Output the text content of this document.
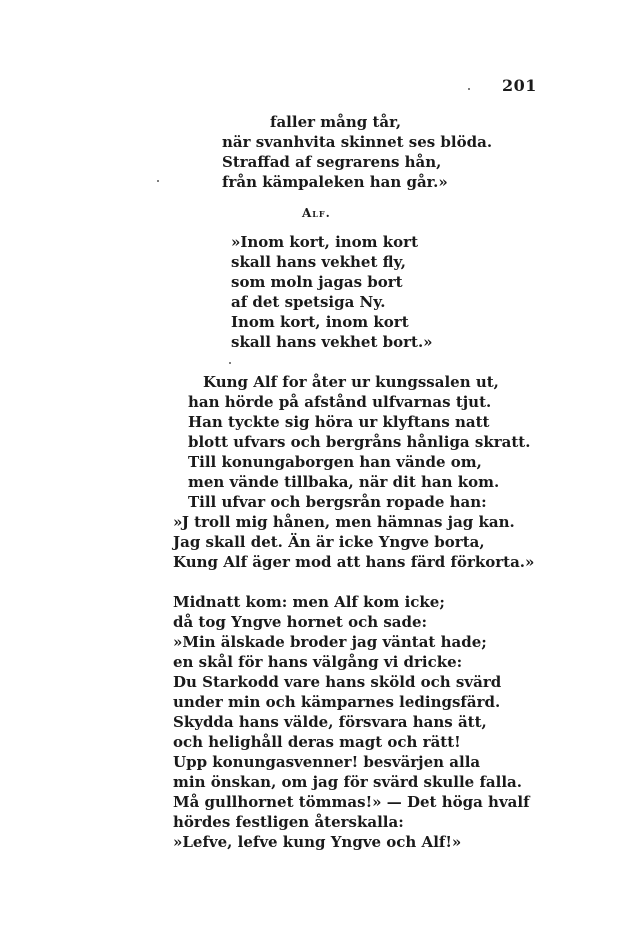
201
faller mång tår,
när svanhvita skinnet ses blöda.
Straffad af segrarens hån,
från kämpaleken han går.»
Alf.
»Inom kort, inom kort
skall hans vekhet fly,
som moln jagas bort
af det spetsiga Ny.
Inom kort, inom kort
skall hans vekhet bort.»
Kung Alf for åter ur kungssalen ut,
han hörde på afstånd ulfvarnas tjut.
Han tyckte sig höra ur klyftans natt
blott ufvars och bergråns hånliga skratt.
Till konungaborgen han vände om,
men vände tillbaka, när dit han kom.
Till ufvar och bergsrån ropade han:
»J troll mig hånen, men hämnas jag kan.
Jag skall det. Än är icke Yngve borta,
Kung Alf äger mod att hans färd förkorta.»
Midnatt kom: men Alf kom icke;
då tog Yngve hornet och sade:
»Min älskade broder jag väntat hade;
en skål för hans välgång vi dricke:
Du Starkodd vare hans sköld och svärd
under min och kämparnes ledingsfärd.
Skydda hans välde, försvara hans ätt,
och helighåll deras magt och rätt!
Upp konungasvenner! besvärjen alla
min önskan, om jag för svärd skulle falla.
Må gullhornet tömmas!» — Det höga hvalf
hördes festligen återskalla:
»Lefve, lefve kung Yngve och Alf!»
